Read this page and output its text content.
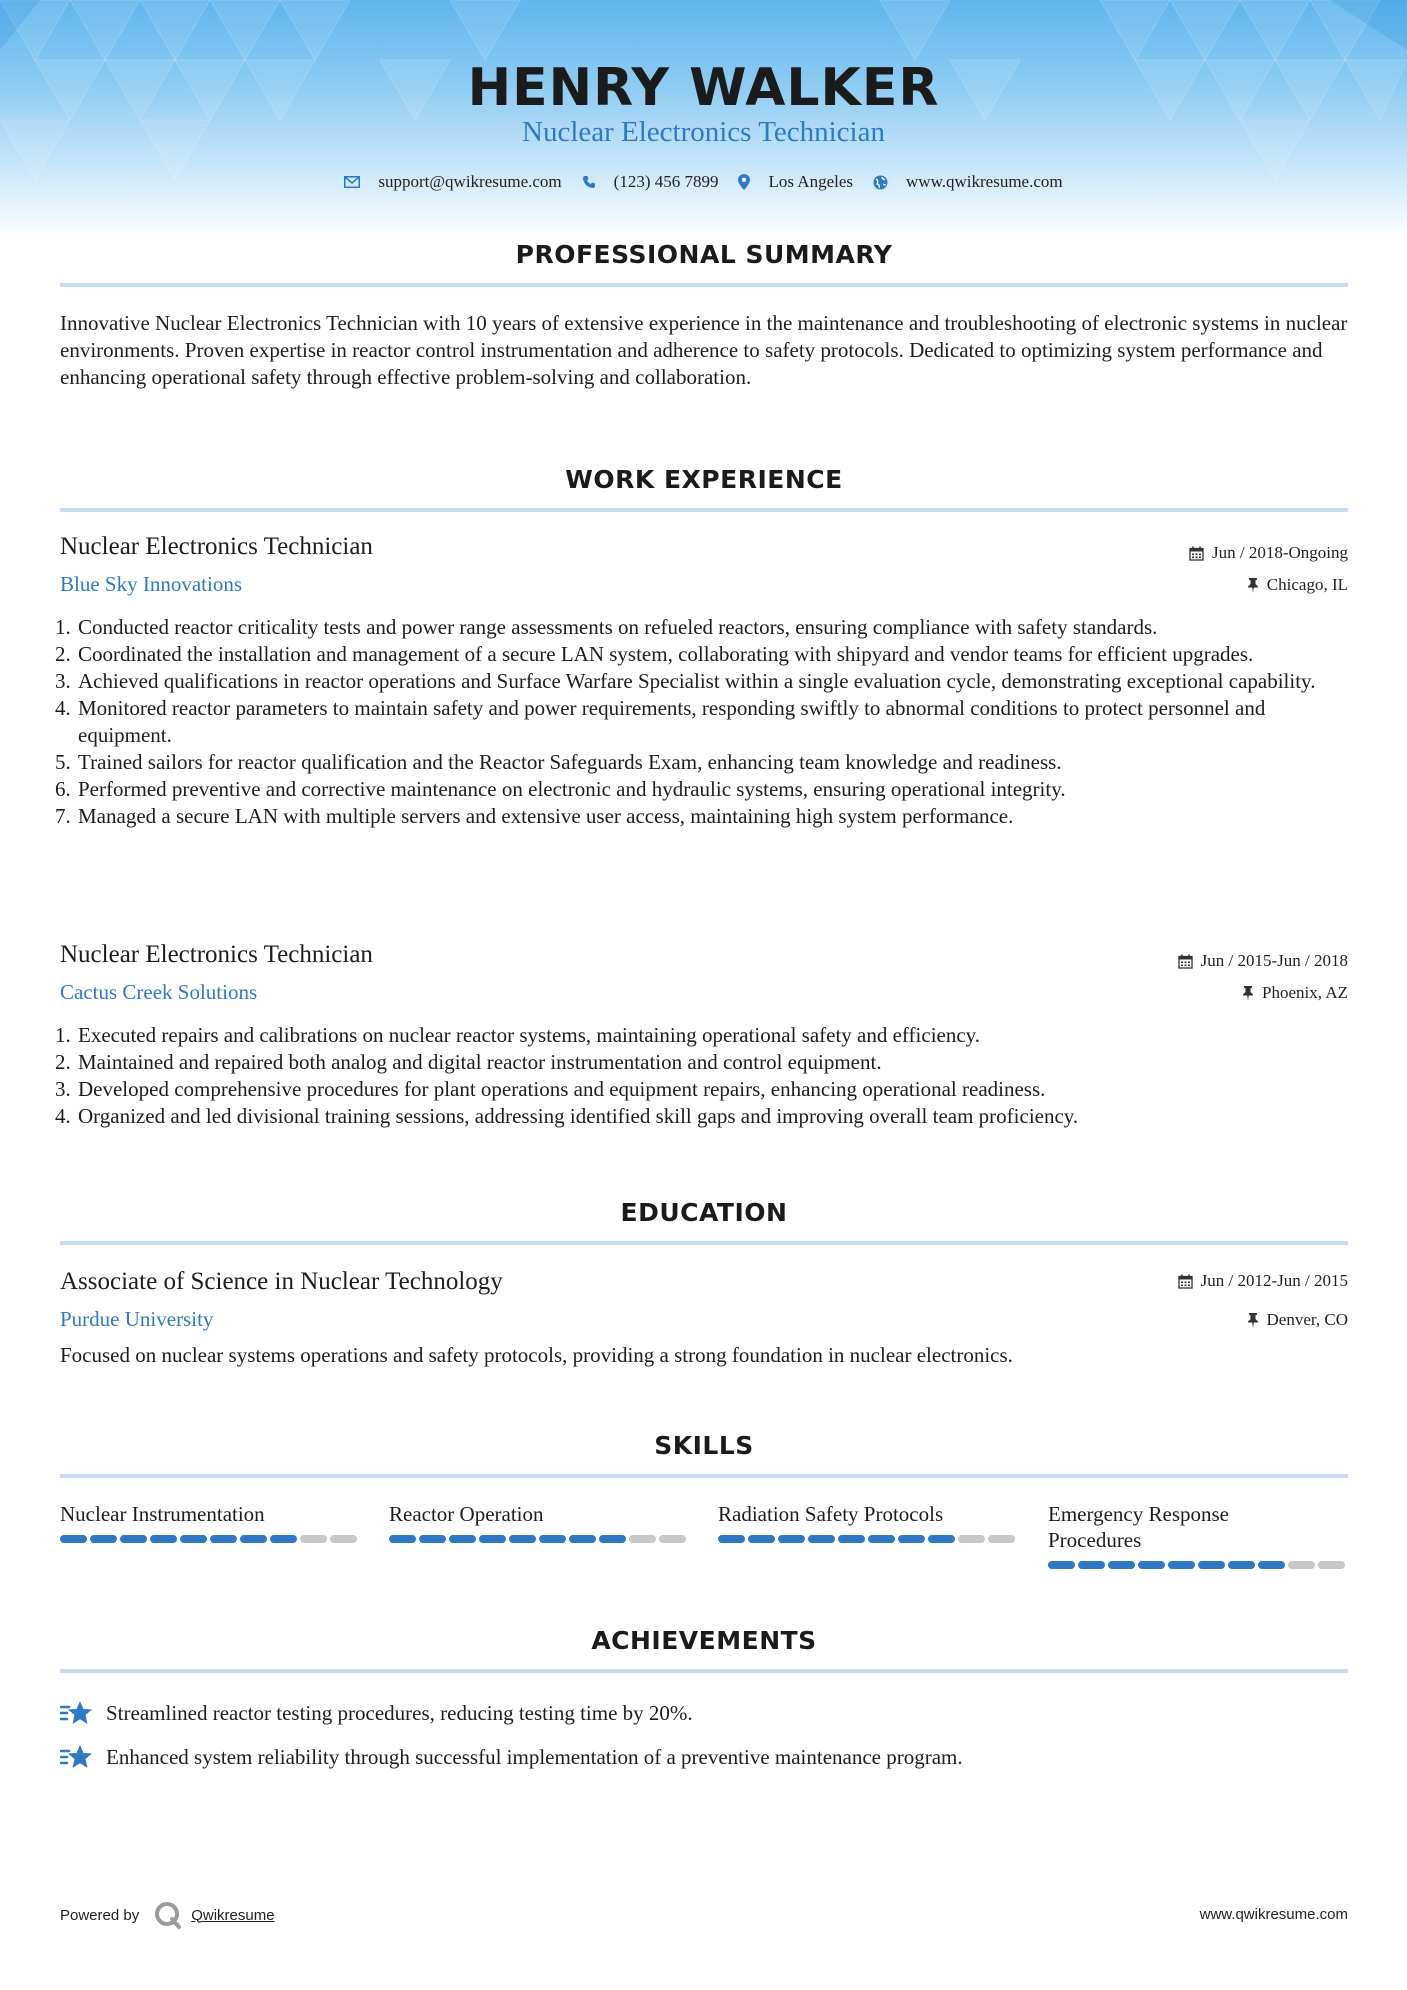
HENRY WALKER
Nuclear Electronics Technician
support@qwikresume.com	(123) 456 7899	Los Angeles	www.qwikresume.com
PROFESSIONAL SUMMARY
Innovative Nuclear Electronics Technician with 10 years of extensive experience in the maintenance and troubleshooting of electronic systems in nuclear environments. Proven expertise in reactor control instrumentation and adherence to safety protocols. Dedicated to optimizing system performance and enhancing operational safety through effective problem-solving and collaboration.
WORK EXPERIENCE
Nuclear Electronics Technician	Jun / 2018-Ongoing
Blue Sky Innovations	Chicago, IL
1. Conducted reactor criticality tests and power range assessments on refueled reactors, ensuring compliance with safety standards.
2. Coordinated the installation and management of a secure LAN system, collaborating with shipyard and vendor teams for efficient upgrades.
3. Achieved qualifications in reactor operations and Surface Warfare Specialist within a single evaluation cycle, demonstrating exceptional capability.
4. Monitored reactor parameters to maintain safety and power requirements, responding swiftly to abnormal conditions to protect personnel and equipment.
5. Trained sailors for reactor qualification and the Reactor Safeguards Exam, enhancing team knowledge and readiness.
6. Performed preventive and corrective maintenance on electronic and hydraulic systems, ensuring operational integrity.
7. Managed a secure LAN with multiple servers and extensive user access, maintaining high system performance.
Nuclear Electronics Technician	Jun / 2015-Jun / 2018
Cactus Creek Solutions	Phoenix, AZ
1. Executed repairs and calibrations on nuclear reactor systems, maintaining operational safety and efficiency.
2. Maintained and repaired both analog and digital reactor instrumentation and control equipment.
3. Developed comprehensive procedures for plant operations and equipment repairs, enhancing operational readiness.
4. Organized and led divisional training sessions, addressing identified skill gaps and improving overall team proficiency.
EDUCATION
Associate of Science in Nuclear Technology	Jun / 2012-Jun / 2015
Purdue University	Denver, CO
Focused on nuclear systems operations and safety protocols, providing a strong foundation in nuclear electronics.
SKILLS
Nuclear Instrumentation	Reactor Operation	Radiation Safety Protocols	Emergency Response Procedures
ACHIEVEMENTS
Streamlined reactor testing procedures, reducing testing time by 20%.
Enhanced system reliability through successful implementation of a preventive maintenance program.
Powered by	Qwikresume	www.qwikresume.com
